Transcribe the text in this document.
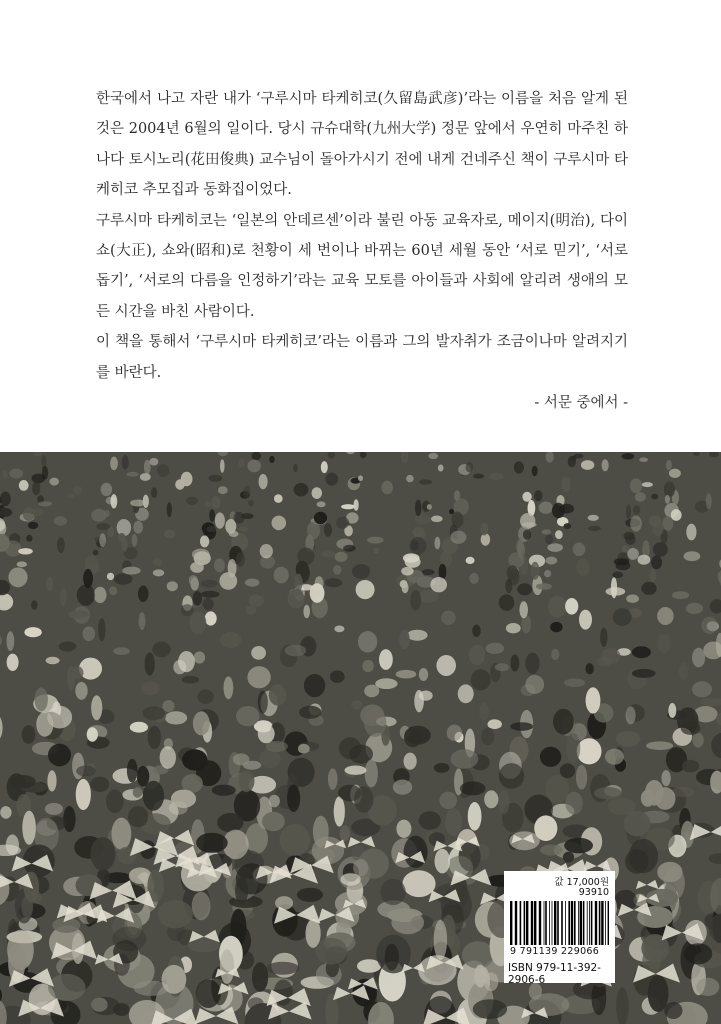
한국에서 나고 자란 내가 ‘구루시마 타케히코(久留島武彦)’라는 이름을 처음 알게 된 것은 2004년 6월의 일이다. 당시 규슈대학(九州大学) 정문 앞에서 우연히 마주친 하나다 토시노리(花田俊典) 교수님이 돌아가시기 전에 내게 건네주신 책이 구루시마 타케히코 추모집과 동화집이었다.

구루시마 타케히코는 ‘일본의 안데르센’이라 불린 아동 교육자로, 메이지(明治), 다이쇼(大正), 쇼와(昭和)로 천황이 세 번이나 바뀌는 60년 세월 동안 ‘서로 믿기’, ‘서로 돕기’, ‘서로의 다름을 인정하기’라는 교육 모토를 아이들과 사회에 알리려 생애의 모든 시간을 바친 사람이다.

이 책을 통해서 ‘구루시마 타케히코’라는 이름과 그의 발자취가 조금이나마 알려지기를 바란다.

- 서문 중에서 -

값 17,000원
93910
9 791139 229066
ISBN 979-11-392-2906-6
